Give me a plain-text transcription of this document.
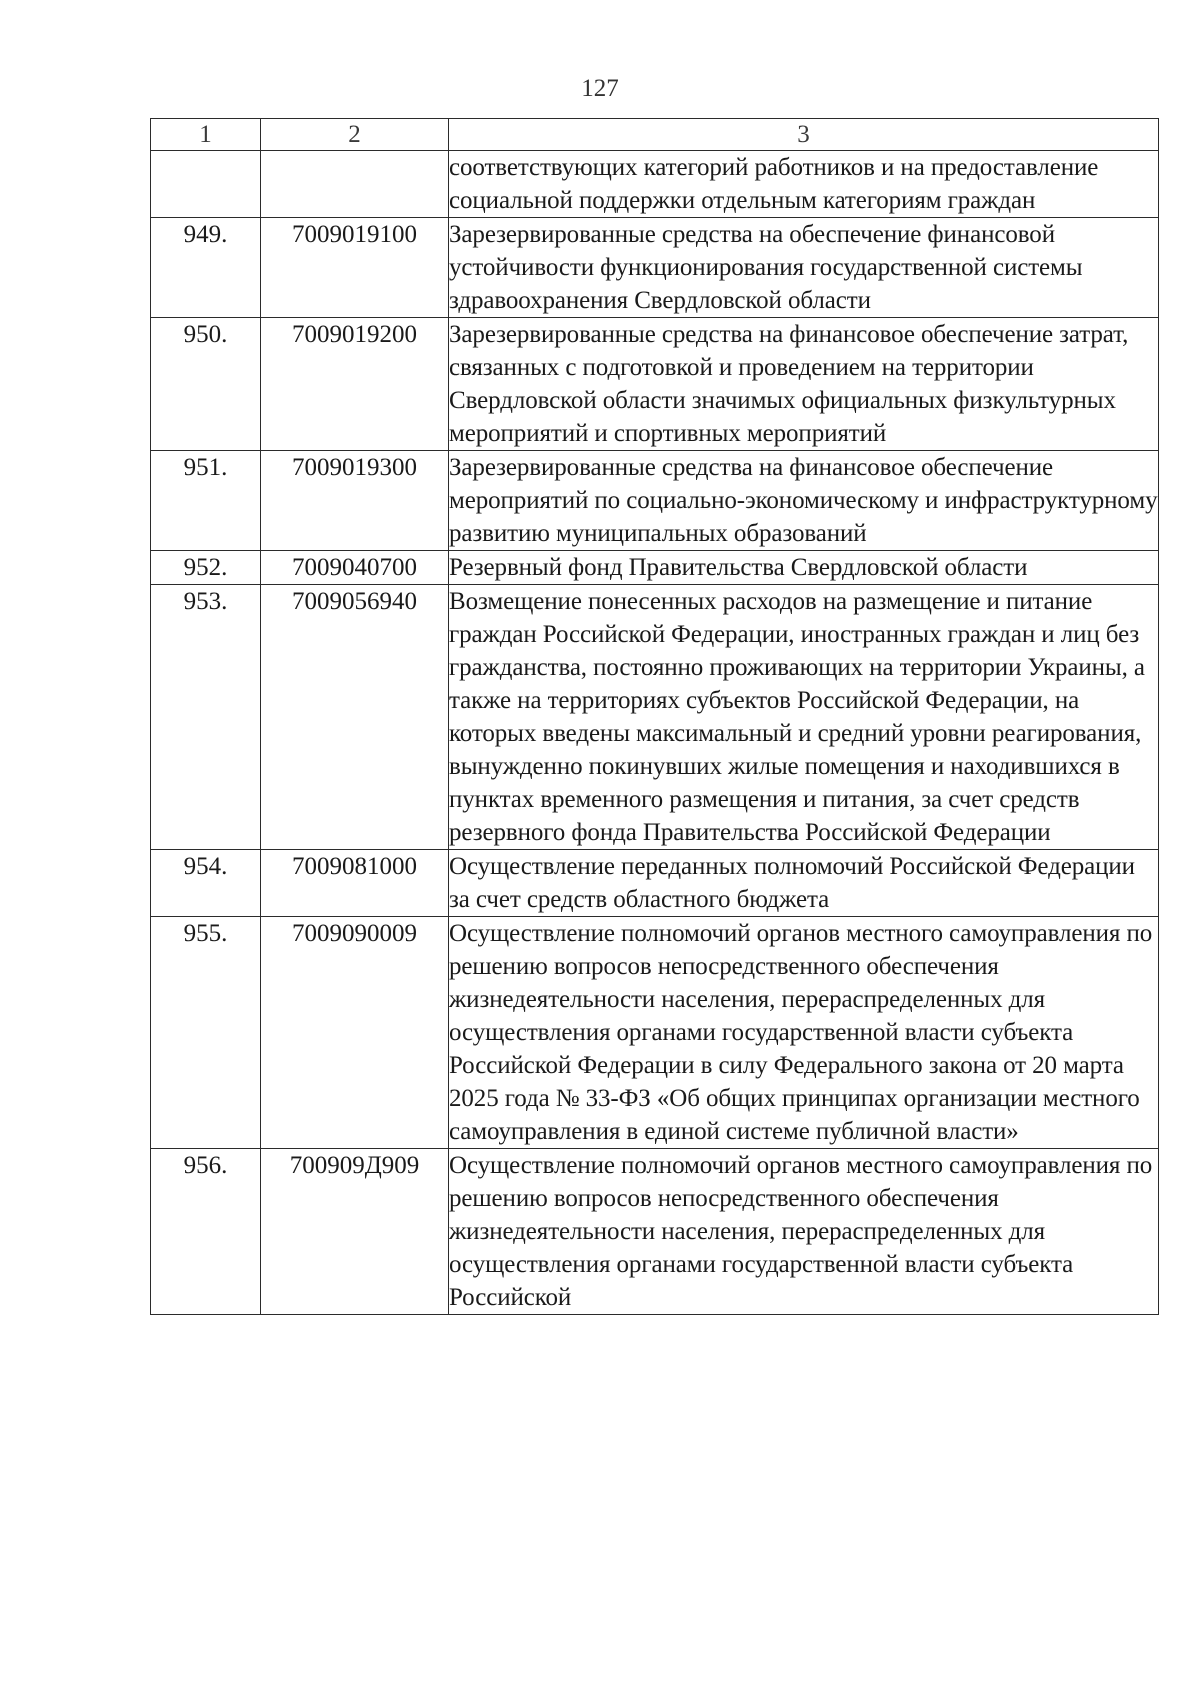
127
1	2	3
		соответствующих категорий работников и на предоставление социальной поддержки отдельным категориям граждан
949.	7009019100	Зарезервированные средства на обеспечение финансовой устойчивости функционирования государственной системы здравоохранения Свердловской области
950.	7009019200	Зарезервированные средства на финансовое обеспечение затрат, связанных с подготовкой и проведением на территории Свердловской области значимых официальных физкультурных мероприятий и спортивных мероприятий
951.	7009019300	Зарезервированные средства на финансовое обеспечение мероприятий по социально-экономическому и инфраструктурному развитию муниципальных образований
952.	7009040700	Резервный фонд Правительства Свердловской области
953.	7009056940	Возмещение понесенных расходов на размещение и питание граждан Российской Федерации, иностранных граждан и лиц без гражданства, постоянно проживающих на территории Украины, а также на территориях субъектов Российской Федерации, на которых введены максимальный и средний уровни реагирования, вынужденно покинувших жилые помещения и находившихся в пунктах временного размещения и питания, за счет средств резервного фонда Правительства Российской Федерации
954.	7009081000	Осуществление переданных полномочий Российской Федерации за счет средств областного бюджета
955.	7009090009	Осуществление полномочий органов местного самоуправления по решению вопросов непосредственного обеспечения жизнедеятельности населения, перераспределенных для осуществления органами государственной власти субъекта Российской Федерации в силу Федерального закона от 20 марта 2025 года № 33-ФЗ «Об общих принципах организации местного самоуправления в единой системе публичной власти»
956.	700909Д909	Осуществление полномочий органов местного самоуправления по решению вопросов непосредственного обеспечения жизнедеятельности населения, перераспределенных для осуществления органами государственной власти субъекта Российской
